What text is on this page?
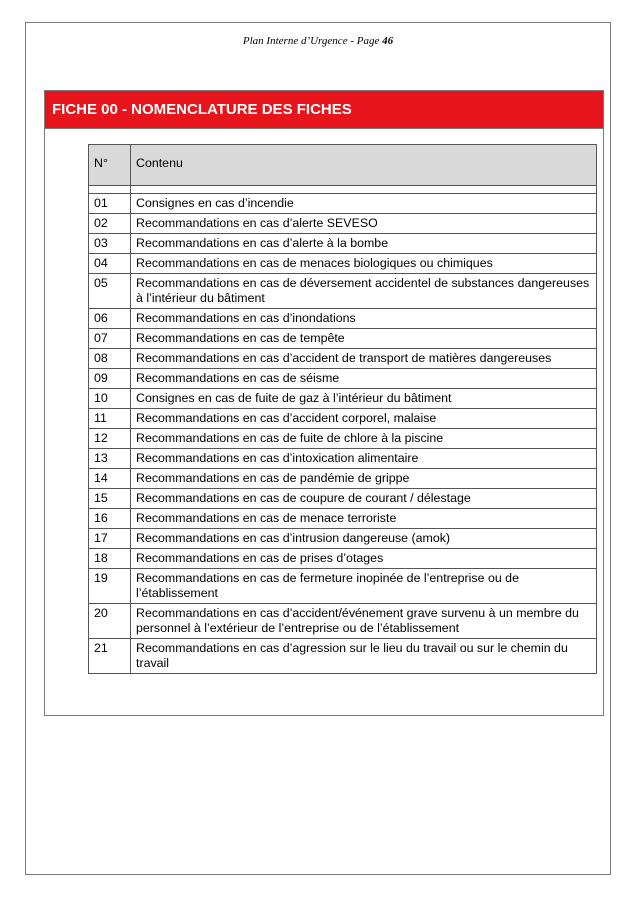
Plan Interne d’Urgence - Page 46
FICHE 00 - NOMENCLATURE DES FICHES
N°	Contenu

01	Consignes en cas d’incendie
02	Recommandations en cas d’alerte SEVESO
03	Recommandations en cas d’alerte à la bombe
04	Recommandations en cas de menaces biologiques ou chimiques
05	Recommandations en cas de déversement accidentel de substances dangereuses à l’intérieur du bâtiment
06	Recommandations en cas d’inondations
07	Recommandations en cas de tempête
08	Recommandations en cas d’accident de transport de matières dangereuses
09	Recommandations en cas de séisme
10	Consignes en cas de fuite de gaz à l’intérieur du bâtiment
11	Recommandations en cas d’accident corporel, malaise
12	Recommandations en cas de fuite de chlore à la piscine
13	Recommandations en cas d’intoxication alimentaire
14	Recommandations en cas de pandémie de grippe
15	Recommandations en cas de coupure de courant / délestage
16	Recommandations en cas de menace terroriste
17	Recommandations en cas d’intrusion dangereuse (amok)
18	Recommandations en cas de prises d’otages
19	Recommandations en cas de fermeture inopinée de l’entreprise ou de l’établissement
20	Recommandations en cas d’accident/événement grave survenu à un membre du personnel à l’extérieur de l’entreprise ou de l’établissement
21	Recommandations en cas d’agression sur le lieu du travail ou sur le chemin du travail
